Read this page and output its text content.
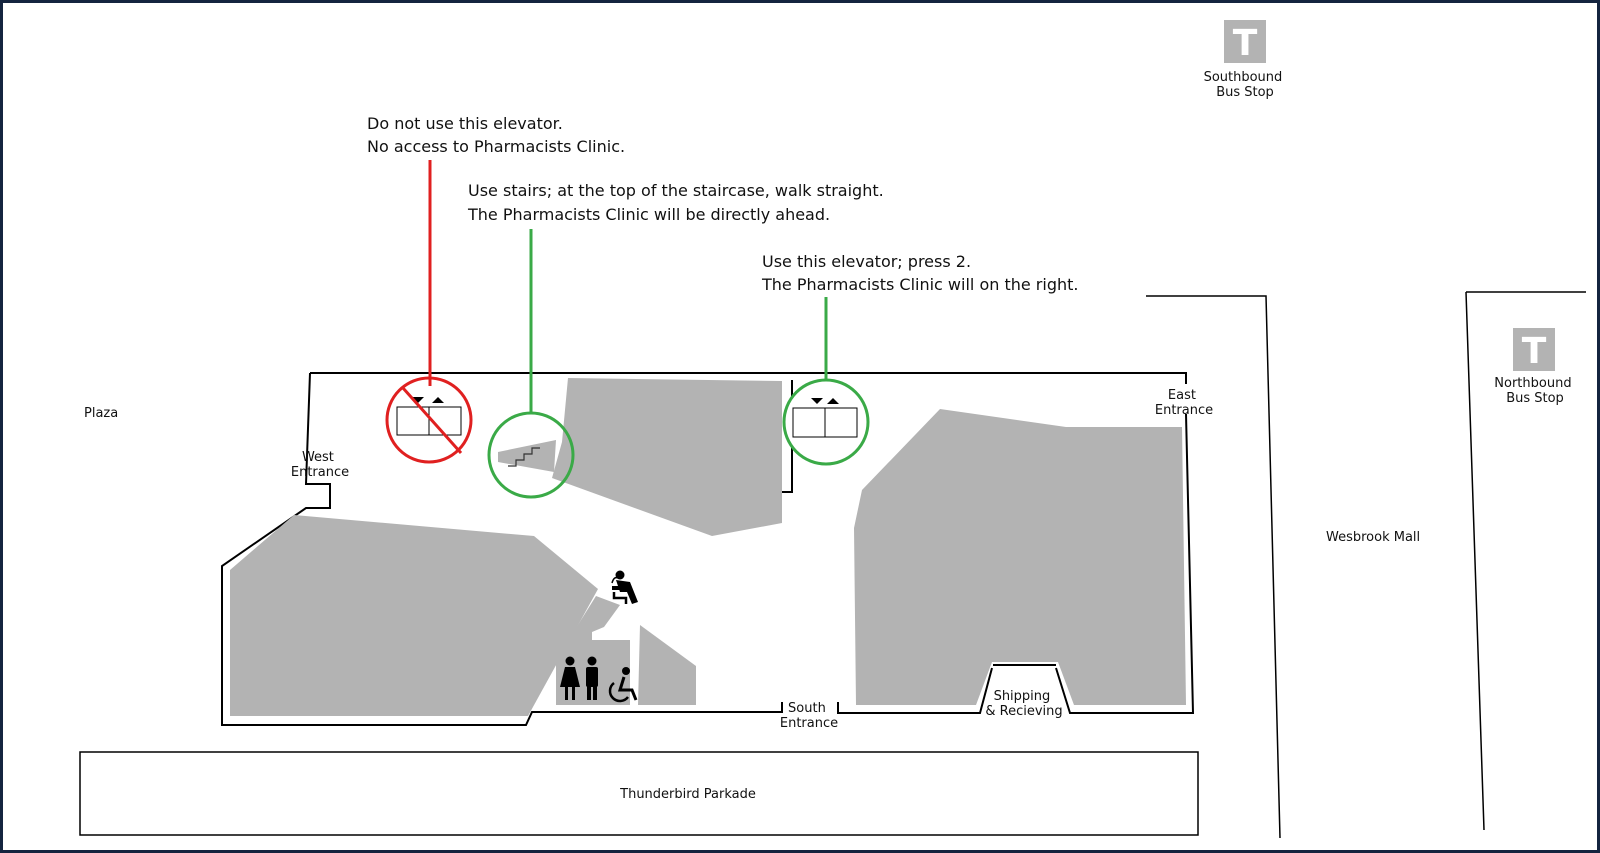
T
T
Do not use this elevator. No access to Pharmacists Clinic.
Use stairs; at the top of the staircase, walk straight. The Pharmacists Clinic will be directly ahead.
Use this elevator; press 2. The Pharmacists Clinic will on the right.
Plaza
West Entrance
East Entrance
South Entrance
Shipping & Recieving
Wesbrook Mall
Thunderbird Parkade
Southbound Bus Stop
Northbound Bus Stop
